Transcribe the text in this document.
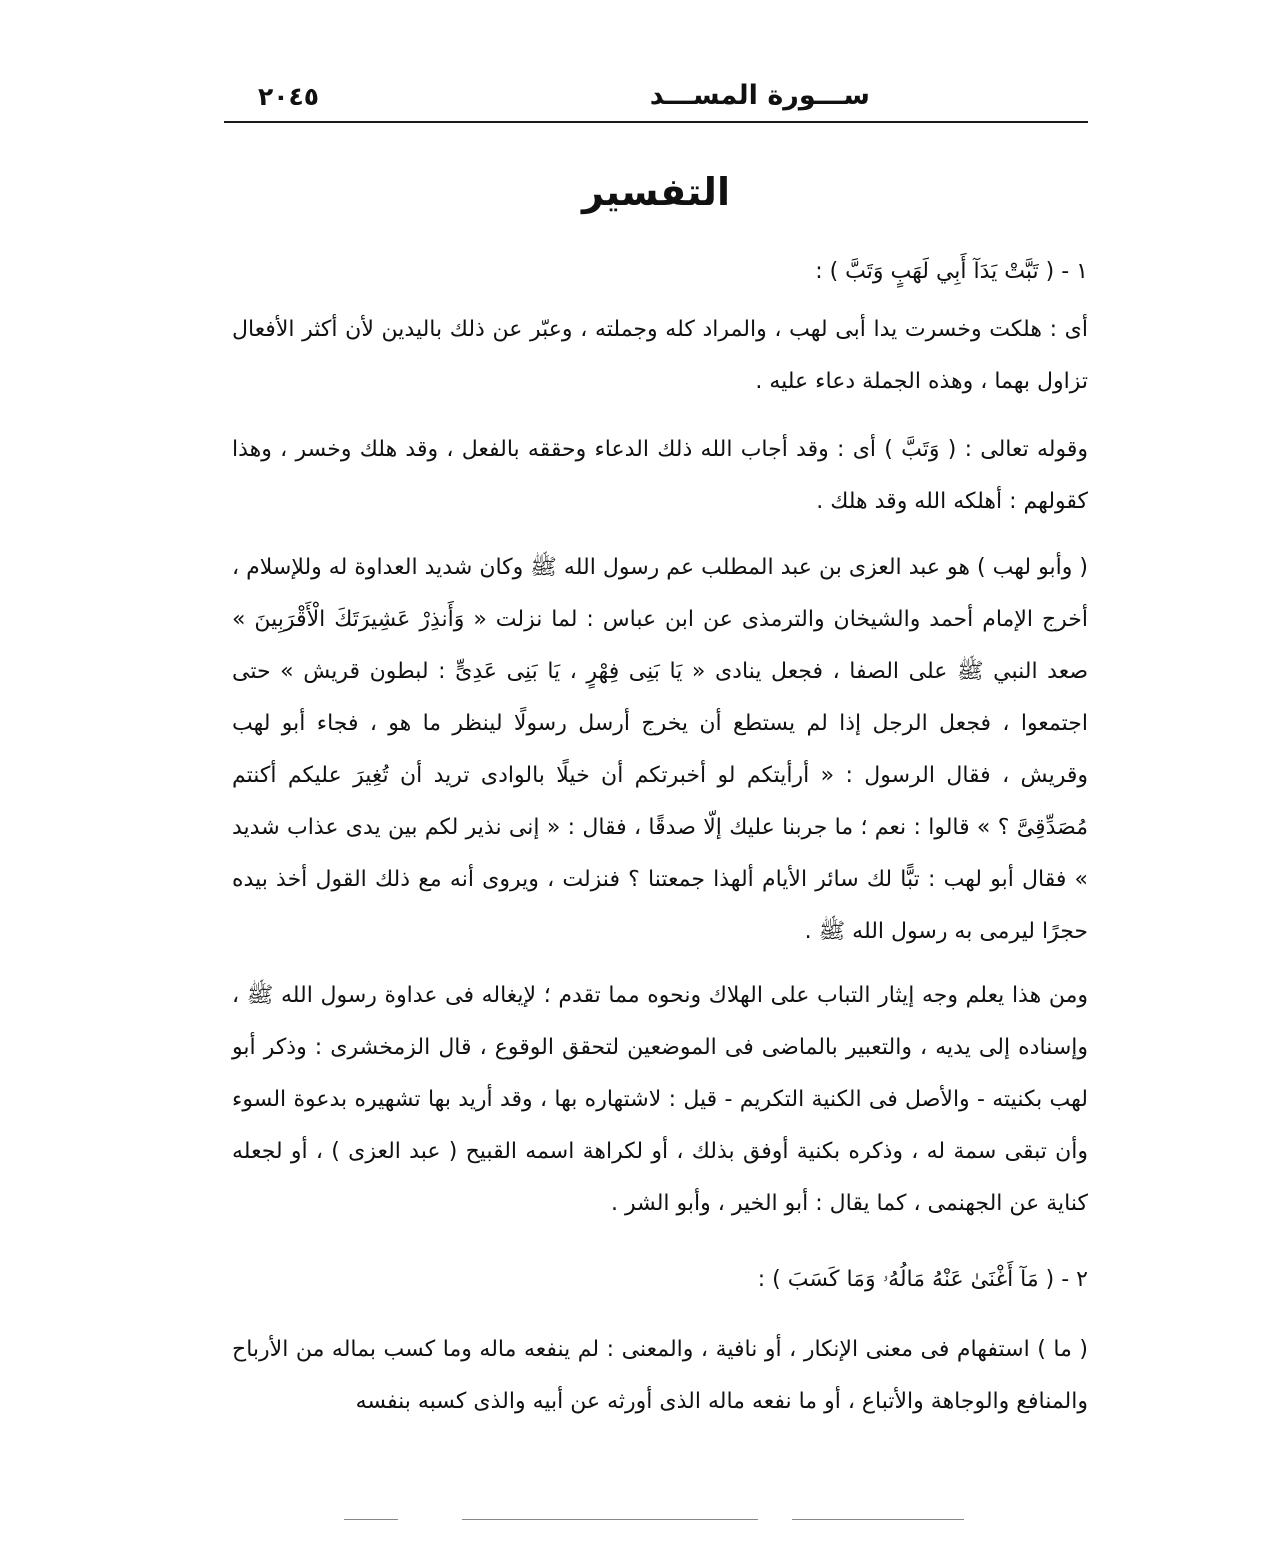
ســـورة المســـد
٢٠٤٥
التفسير

١ - ( تَبَّتْ يَدَآ أَبِي لَهَبٍ وَتَبَّ ) :

أى : هلكت وخسرت يدا أبى لهب ، والمراد كله وجملته ، وعبّر عن ذلك باليدين لأن أكثر الأفعال تزاول بهما ، وهذه الجملة دعاء عليه .

وقوله تعالى : ( وَتَبَّ ) أى : وقد أجاب الله ذلك الدعاء وحققه بالفعل ، وقد هلك وخسر ، وهذا كقولهم : أهلكه الله وقد هلك .

( وأبو لهب ) هو عبد العزى بن عبد المطلب عم رسول الله ﷺ وكان شديد العداوة له وللإسلام ، أخرج الإمام أحمد والشيخان والترمذى عن ابن عباس : لما نزلت « وَأَنذِرْ عَشِيرَتَكَ الْأَقْرَبِينَ » صعد النبي ﷺ على الصفا ، فجعل ينادى « يَا بَنِى فِهْرٍ ، يَا بَنِى عَدِىٍّ : لبطون قريش » حتى اجتمعوا ، فجعل الرجل إذا لم يستطع أن يخرج أرسل رسولًا لينظر ما هو ، فجاء أبو لهب وقريش ، فقال الرسول : « أرأيتكم لو أخبرتكم أن خيلًا بالوادى تريد أن تُغِيرَ عليكم أكنتم مُصَدِّقِىَّ ؟ » قالوا : نعم ؛ ما جربنا عليك إلّا صدقًا ، فقال : « إنى نذير لكم بين يدى عذاب شديد » فقال أبو لهب : تبًّا لك سائر الأيام ألهذا جمعتنا ؟ فنزلت ، ويروى أنه مع ذلك القول أخذ بيده حجرًا ليرمى به رسول الله ﷺ .

ومن هذا يعلم وجه إيثار التباب على الهلاك ونحوه مما تقدم ؛ لإيغاله فى عداوة رسول الله ﷺ ، وإسناده إلى يديه ، والتعبير بالماضى فى الموضعين لتحقق الوقوع ، قال الزمخشرى : وذكر أبو لهب بكنيته - والأصل فى الكنية التكريم - قيل : لاشتهاره بها ، وقد أريد بها تشهيره بدعوة السوء وأن تبقى سمة له ، وذكره بكنية أوفق بذلك ، أو لكراهة اسمه القبيح ( عبد العزى ) ، أو لجعله كناية عن الجهنمى ، كما يقال : أبو الخير ، وأبو الشر .

٢ - ( مَآ أَغْنَىٰ عَنْهُ مَالُهُۥ وَمَا كَسَبَ ) :

( ما ) استفهام فى معنى الإنكار ، أو نافية ، والمعنى : لم ينفعه ماله وما كسب بماله من الأرباح والمنافع والوجاهة والأتباع ، أو ما نفعه ماله الذى أورثه عن أبيه والذى كسبه بنفسه
